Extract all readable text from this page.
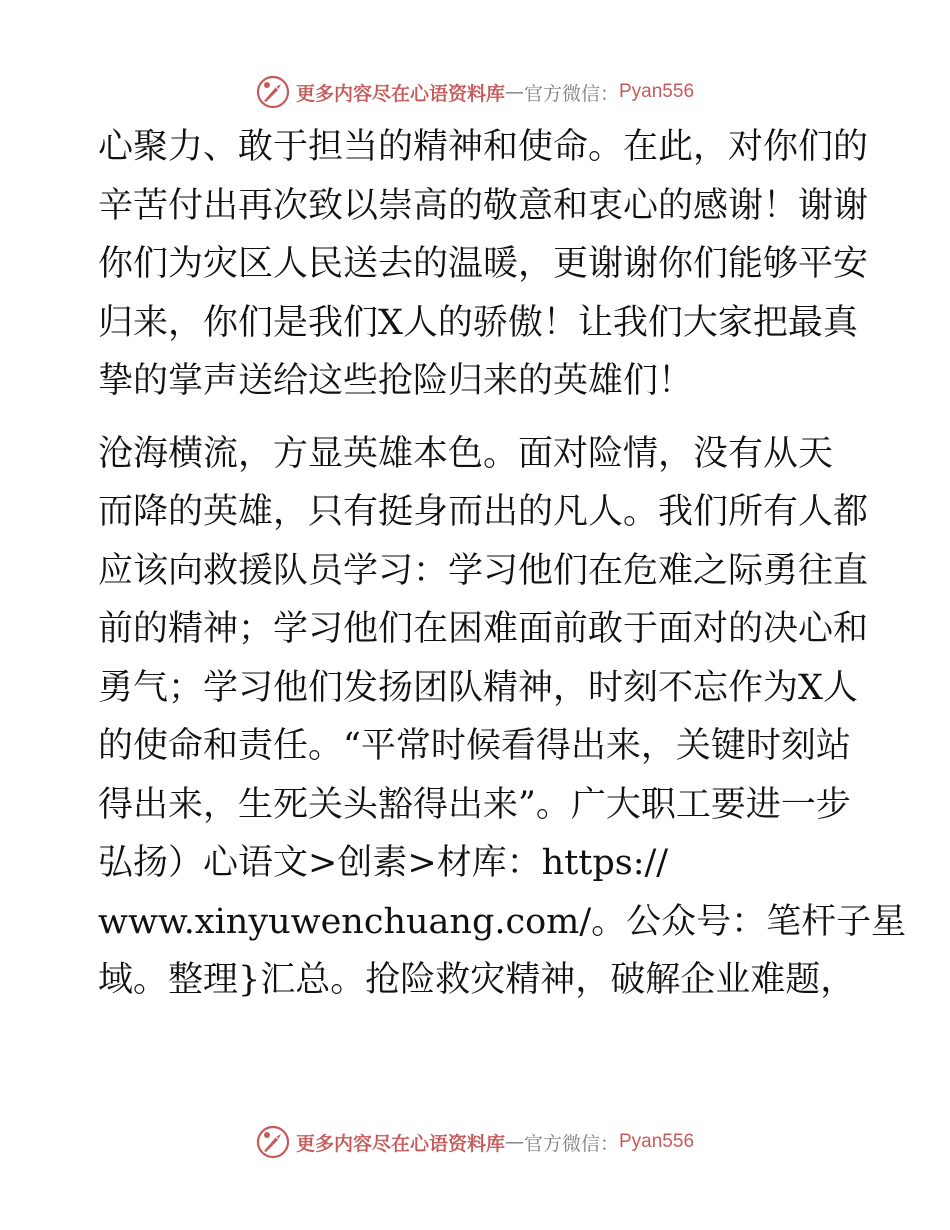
更多内容尽在心语资料库 — 官方微信： Pyan556
心聚力、敢于担当的精神和使命。在此，对你们的
辛苦付出再次致以崇高的敬意和衷心的感谢！谢谢
你们为灾区人民送去的温暖，更谢谢你们能够平安
归来，你们是我们X人的骄傲！让我们大家把最真
挚的掌声送给这些抢险归来的英雄们！
沧海横流，方显英雄本色。面对险情，没有从天
而降的英雄，只有挺身而出的凡人。我们所有人都
应该向救援队员学习：学习他们在危难之际勇往直
前的精神；学习他们在困难面前敢于面对的决心和
勇气；学习他们发扬团队精神，时刻不忘作为X人
的使命和责任。“平常时候看得出来，关键时刻站
得出来，生死关头豁得出来”。广大职工要进一步
弘扬）心语文>创素>材库：https://
www.xinyuwenchuang.com/。公众号：笔杆子星
域。整理}汇总。抢险救灾精神，破解企业难题，
更多内容尽在心语资料库 — 官方微信： Pyan556
